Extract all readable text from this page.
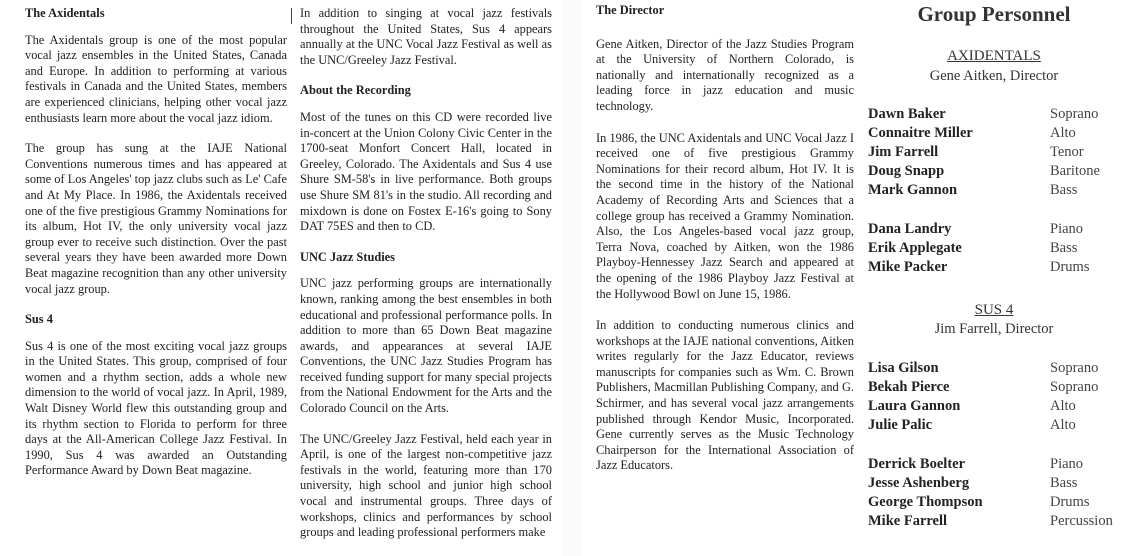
The Axidentals

The Axidentals group is one of the most popular vocal jazz ensembles in the United States, Canada and Europe. In addition to performing at various festivals in Canada and the United States, members are experienced clinicians, helping other vocal jazz enthusiasts learn more about the vocal jazz idiom.

The group has sung at the IAJE National Conventions numerous times and has appeared at some of Los Angeles' top jazz clubs such as Le' Cafe and At My Place. In 1986, the Axidentals received one of the five prestigious Grammy Nominations for its album, Hot IV, the only university vocal jazz group ever to receive such distinction. Over the past several years they have been awarded more Down Beat magazine recognition than any other university vocal jazz group.

Sus 4

Sus 4 is one of the most exciting vocal jazz groups in the United States. This group, comprised of four women and a rhythm section, adds a whole new dimension to the world of vocal jazz. In April, 1989, Walt Disney World flew this outstanding group and its rhythm section to Florida to perform for three days at the All-American College Jazz Festival. In 1990, Sus 4 was awarded an Outstanding Performance Award by Down Beat magazine.

In addition to singing at vocal jazz festivals throughout the United States, Sus 4 appears annually at the UNC Vocal Jazz Festival as well as the UNC/Greeley Jazz Festival.

About the Recording

Most of the tunes on this CD were recorded live in-concert at the Union Colony Civic Center in the 1700-seat Monfort Concert Hall, located in Greeley, Colorado. The Axidentals and Sus 4 use Shure SM-58's in live performance. Both groups use Shure SM 81's in the studio. All recording and mixdown is done on Fostex E-16's going to Sony DAT 75ES and then to CD.

UNC Jazz Studies

UNC jazz performing groups are internationally known, ranking among the best ensembles in both educational and professional performance polls. In addition to more than 65 Down Beat magazine awards, and appearances at several IAJE Conventions, the UNC Jazz Studies Program has received funding support for many special projects from the National Endowment for the Arts and the Colorado Council on the Arts.

The UNC/Greeley Jazz Festival, held each year in April, is one of the largest non-competitive jazz festivals in the world, featuring more than 170 university, high school and junior high school vocal and instrumental groups. Three days of workshops, clinics and performances by school groups and leading professional performers make

The Director

Gene Aitken, Director of the Jazz Studies Program at the University of Northern Colorado, is nationally and internationally recognized as a leading force in jazz education and music technology.

In 1986, the UNC Axidentals and UNC Vocal Jazz I received one of five prestigious Grammy Nominations for their record album, Hot IV. It is the second time in the history of the National Academy of Recording Arts and Sciences that a college group has received a Grammy Nomination. Also, the Los Angeles-based vocal jazz group, Terra Nova, coached by Aitken, won the 1986 Playboy-Hennessey Jazz Search and appeared at the opening of the 1986 Playboy Jazz Festival at the Hollywood Bowl on June 15, 1986.

In addition to conducting numerous clinics and workshops at the IAJE national conventions, Aitken writes regularly for the Jazz Educator, reviews manuscripts for companies such as Wm. C. Brown Publishers, Macmillan Publishing Company, and G. Schirmer, and has several vocal jazz arrangements published through Kendor Music, Incorporated. Gene currently serves as the Music Technology Chairperson for the International Association of Jazz Educators.

Group Personnel
AXIDENTALS
Gene Aitken, Director
Dawn Baker	Soprano
Connaitre Miller	Alto
Jim Farrell	Tenor
Doug Snapp	Baritone
Mark Gannon	Bass
Dana Landry	Piano
Erik Applegate	Bass
Mike Packer	Drums
SUS 4
Jim Farrell, Director
Lisa Gilson	Soprano
Bekah Pierce	Soprano
Laura Gannon	Alto
Julie Palic	Alto
Derrick Boelter	Piano
Jesse Ashenberg	Bass
George Thompson	Drums
Mike Farrell	Percussion
